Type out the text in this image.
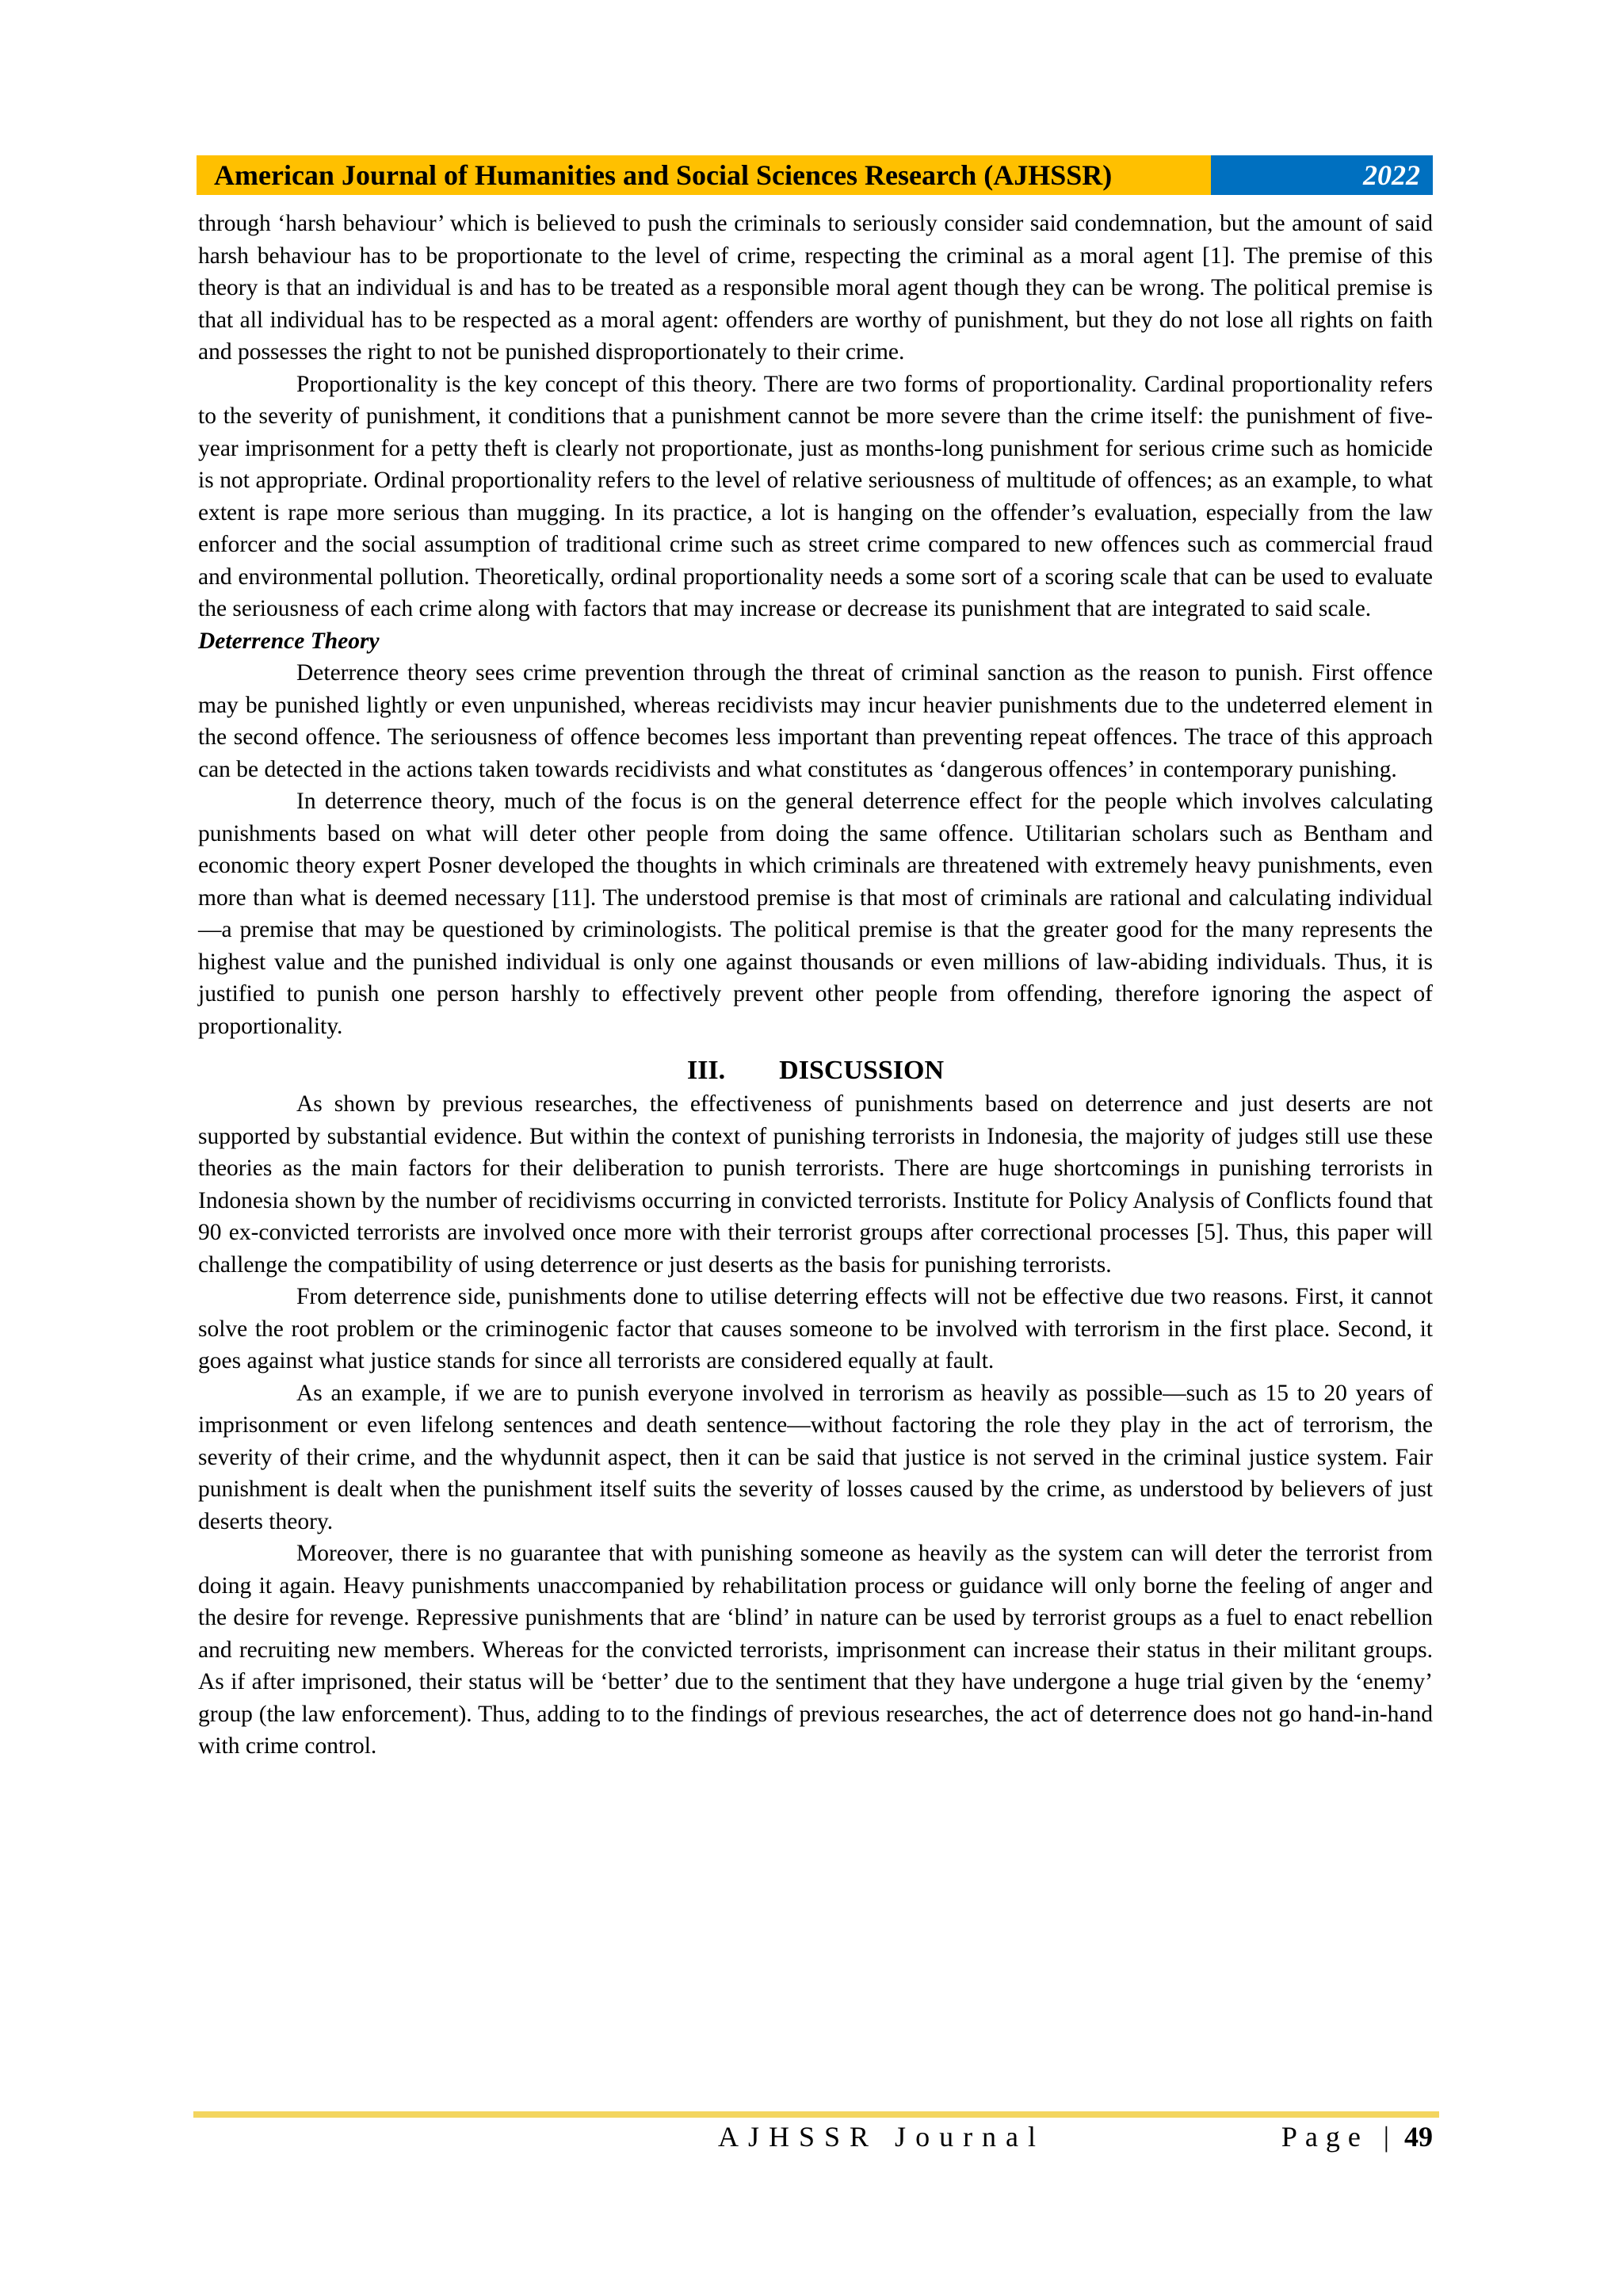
American Journal of Humanities and Social Sciences Research (AJHSSR)	2022

through ‘harsh behaviour’ which is believed to push the criminals to seriously consider said condemnation, but the amount of said harsh behaviour has to be proportionate to the level of crime, respecting the criminal as a moral agent [1]. The premise of this theory is that an individual is and has to be treated as a responsible moral agent though they can be wrong. The political premise is that all individual has to be respected as a moral agent: offenders are worthy of punishment, but they do not lose all rights on faith and possesses the right to not be punished disproportionately to their crime.

Proportionality is the key concept of this theory. There are two forms of proportionality. Cardinal proportionality refers to the severity of punishment, it conditions that a punishment cannot be more severe than the crime itself: the punishment of five-year imprisonment for a petty theft is clearly not proportionate, just as months-long punishment for serious crime such as homicide is not appropriate. Ordinal proportionality refers to the level of relative seriousness of multitude of offences; as an example, to what extent is rape more serious than mugging. In its practice, a lot is hanging on the offender’s evaluation, especially from the law enforcer and the social assumption of traditional crime such as street crime compared to new offences such as commercial fraud and environmental pollution. Theoretically, ordinal proportionality needs a some sort of a scoring scale that can be used to evaluate the seriousness of each crime along with factors that may increase or decrease its punishment that are integrated to said scale.

Deterrence Theory

Deterrence theory sees crime prevention through the threat of criminal sanction as the reason to punish. First offence may be punished lightly or even unpunished, whereas recidivists may incur heavier punishments due to the undeterred element in the second offence. The seriousness of offence becomes less important than preventing repeat offences. The trace of this approach can be detected in the actions taken towards recidivists and what constitutes as ‘dangerous offences’ in contemporary punishing.

In deterrence theory, much of the focus is on the general deterrence effect for the people which involves calculating punishments based on what will deter other people from doing the same offence. Utilitarian scholars such as Bentham and economic theory expert Posner developed the thoughts in which criminals are threatened with extremely heavy punishments, even more than what is deemed necessary [11]. The understood premise is that most of criminals are rational and calculating individual—a premise that may be questioned by criminologists. The political premise is that the greater good for the many represents the highest value and the punished individual is only one against thousands or even millions of law-abiding individuals. Thus, it is justified to punish one person harshly to effectively prevent other people from offending, therefore ignoring the aspect of proportionality.

III. DISCUSSION

As shown by previous researches, the effectiveness of punishments based on deterrence and just deserts are not supported by substantial evidence. But within the context of punishing terrorists in Indonesia, the majority of judges still use these theories as the main factors for their deliberation to punish terrorists. There are huge shortcomings in punishing terrorists in Indonesia shown by the number of recidivisms occurring in convicted terrorists. Institute for Policy Analysis of Conflicts found that 90 ex-convicted terrorists are involved once more with their terrorist groups after correctional processes [5]. Thus, this paper will challenge the compatibility of using deterrence or just deserts as the basis for punishing terrorists.

From deterrence side, punishments done to utilise deterring effects will not be effective due two reasons. First, it cannot solve the root problem or the criminogenic factor that causes someone to be involved with terrorism in the first place. Second, it goes against what justice stands for since all terrorists are considered equally at fault.

As an example, if we are to punish everyone involved in terrorism as heavily as possible—such as 15 to 20 years of imprisonment or even lifelong sentences and death sentence—without factoring the role they play in the act of terrorism, the severity of their crime, and the whydunnit aspect, then it can be said that justice is not served in the criminal justice system. Fair punishment is dealt when the punishment itself suits the severity of losses caused by the crime, as understood by believers of just deserts theory.

Moreover, there is no guarantee that with punishing someone as heavily as the system can will deter the terrorist from doing it again. Heavy punishments unaccompanied by rehabilitation process or guidance will only borne the feeling of anger and the desire for revenge. Repressive punishments that are ‘blind’ in nature can be used by terrorist groups as a fuel to enact rebellion and recruiting new members. Whereas for the convicted terrorists, imprisonment can increase their status in their militant groups. As if after imprisoned, their status will be ‘better’ due to the sentiment that they have undergone a huge trial given by the ‘enemy’ group (the law enforcement). Thus, adding to to the findings of previous researches, the act of deterrence does not go hand-in-hand with crime control.

AJHSSR Journal	Page | 49
